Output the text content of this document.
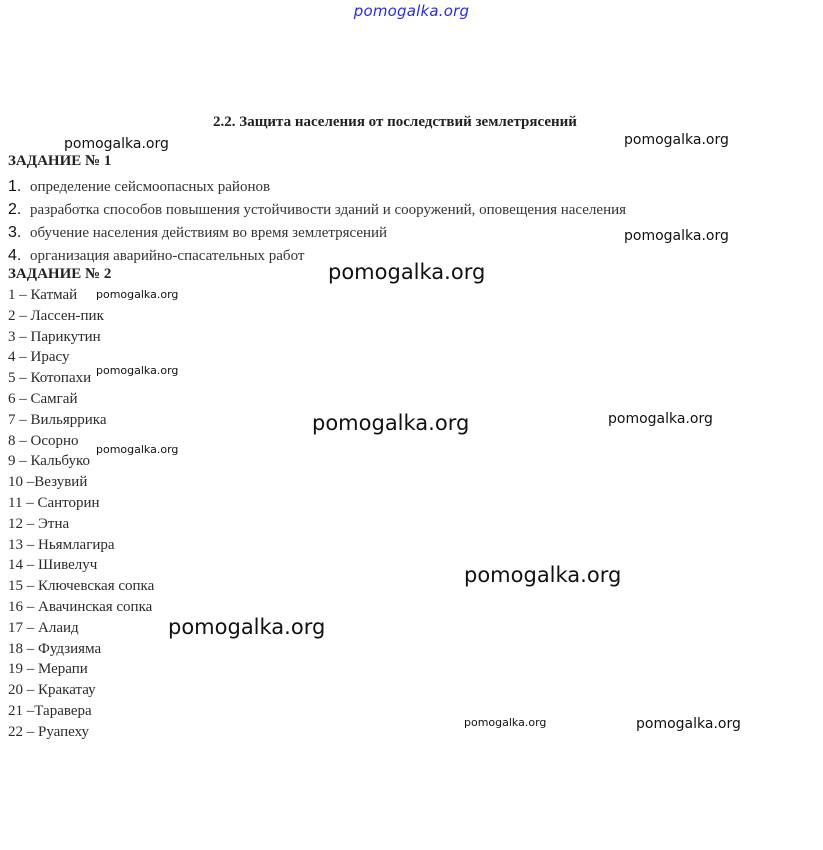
pomogalka.org
2.2. Защита населения от последствий землетрясений
ЗАДАНИЕ № 1
1. определение сейсмоопасных районов
2. разработка способов повышения устойчивости зданий и сооружений, оповещения населения
3. обучение населения действиям во время землетрясений
4. организация аварийно-спасательных работ
ЗАДАНИЕ № 2
1 – Катмай
2 – Лассен-пик
3 – Парикутин
4 – Ирасу
5 – Котопахи
6 – Самгай
7 – Вильяррика
8 – Осорно
9 – Кальбуко
10 –Везувий
11 – Санторин
12 – Этна
13 – Ньямлагира
14 – Шивелуч
15 – Ключевская сопка
16 – Авачинская сопка
17 – Алаид
18 – Фудзияма
19 – Мерапи
20 – Кракатау
21 –Таравера
22 – Руапеху
pomogalka.org	pomogalka.org
pomogalka.org
pomogalka.org
pomogalka.org
pomogalka.org
pomogalka.org	pomogalka.org
pomogalka.org
pomogalka.org
pomogalka.org
pomogalka.org	pomogalka.org
